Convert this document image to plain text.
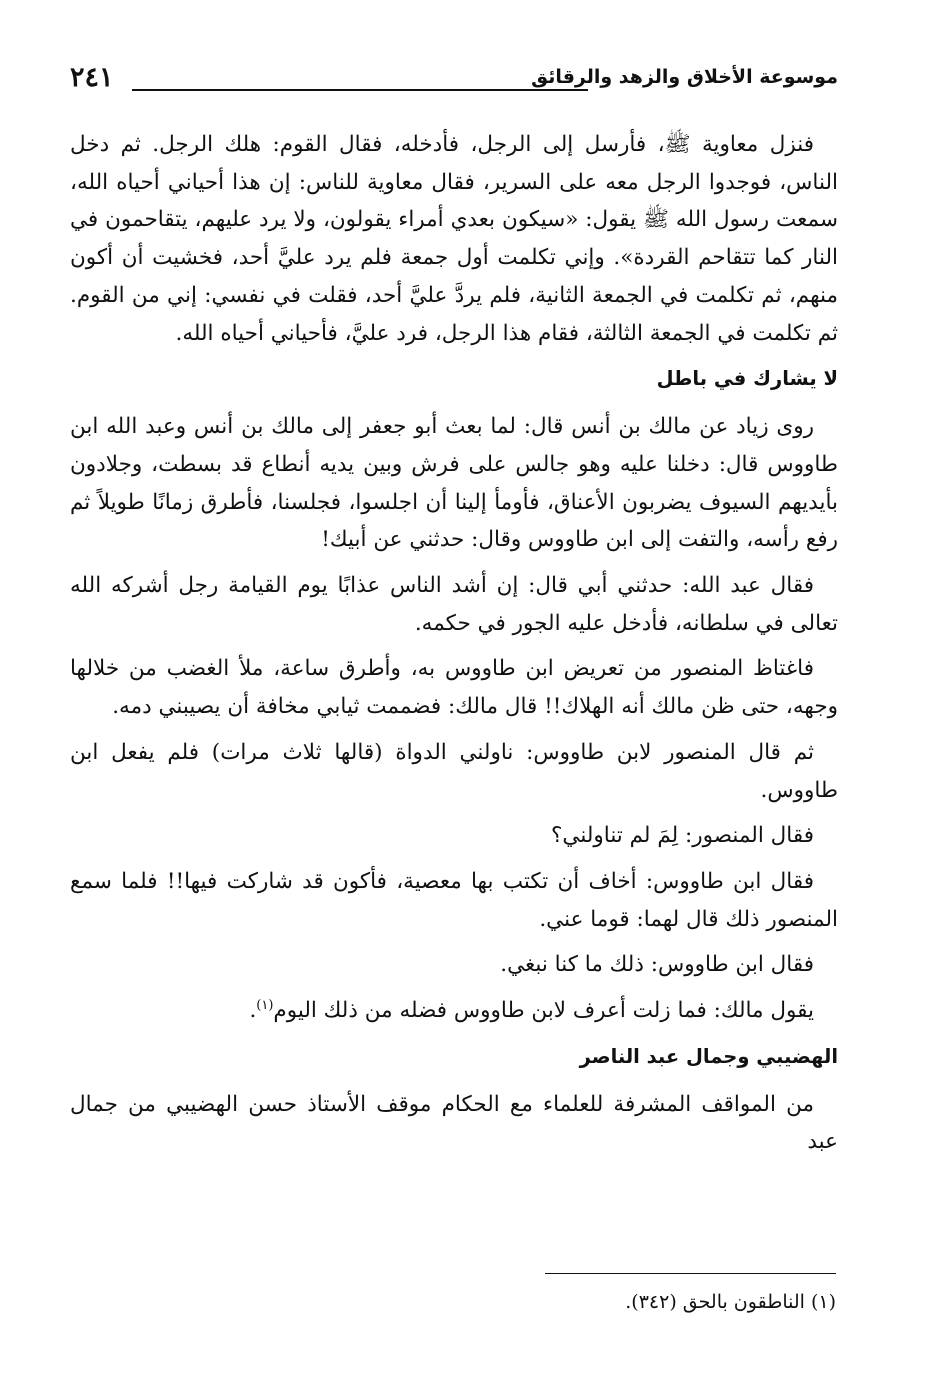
موسوعة الأخلاق والزهد والرقائق
٢٤١

فنزل معاوية ﷺ، فأرسل إلى الرجل، فأدخله، فقال القوم: هلك الرجل. ثم دخل الناس، فوجدوا الرجل معه على السرير، فقال معاوية للناس: إن هذا أحياني أحياه الله، سمعت رسول الله ﷺ يقول: «سيكون بعدي أمراء يقولون، ولا يرد عليهم، يتقاحمون في النار كما تتقاحم القردة». وإني تكلمت أول جمعة فلم يرد عليَّ أحد، فخشيت أن أكون منهم، ثم تكلمت في الجمعة الثانية، فلم يردَّ عليَّ أحد، فقلت في نفسي: إني من القوم. ثم تكلمت في الجمعة الثالثة، فقام هذا الرجل، فرد عليَّ، فأحياني أحياه الله.

لا يشارك في باطل

روى زياد عن مالك بن أنس قال: لما بعث أبو جعفر إلى مالك بن أنس وعبد الله ابن طاووس قال: دخلنا عليه وهو جالس على فرش وبين يديه أنطاع قد بسطت، وجلادون بأيديهم السيوف يضربون الأعناق، فأومأ إلينا أن اجلسوا، فجلسنا، فأطرق زمانًا طويلاً ثم رفع رأسه، والتفت إلى ابن طاووس وقال: حدثني عن أبيك!

فقال عبد الله: حدثني أبي قال: إن أشد الناس عذابًا يوم القيامة رجل أشركه الله تعالى في سلطانه، فأدخل عليه الجور في حكمه.

فاغتاظ المنصور من تعريض ابن طاووس به، وأطرق ساعة، ملأ الغضب من خلالها وجهه، حتى ظن مالك أنه الهلاك!! قال مالك: فضممت ثيابي مخافة أن يصيبني دمه.

ثم قال المنصور لابن طاووس: ناولني الدواة (قالها ثلاث مرات) فلم يفعل ابن طاووس.

فقال المنصور: لِمَ لم تناولني؟

فقال ابن طاووس: أخاف أن تكتب بها معصية، فأكون قد شاركت فيها!! فلما سمع المنصور ذلك قال لهما: قوما عني.

فقال ابن طاووس: ذلك ما كنا نبغي.

يقول مالك: فما زلت أعرف لابن طاووس فضله من ذلك اليوم$^{(١)}$.

الهضيبي وجمال عبد الناصر

من المواقف المشرفة للعلماء مع الحكام موقف الأستاذ حسن الهضيبي من جمال عبد

(١) الناطقون بالحق (٣٤٢).
